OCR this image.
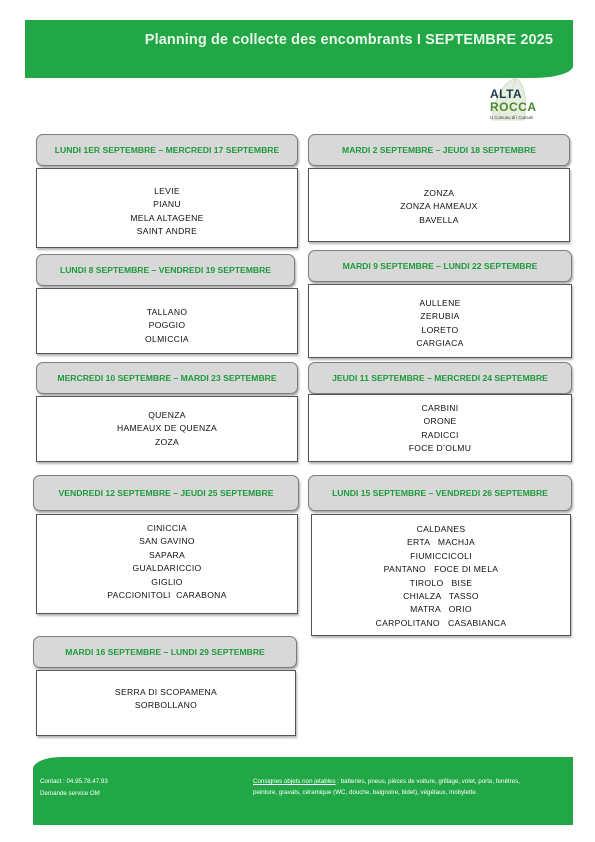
Planning de collecte des encombrants I SEPTEMBRE 2025
ALTA
ROCCA
U Cumunu di i Cumuni
LUNDI 1ER SEPTEMBRE – MERCREDI 17 SEPTEMBRE
LEVIE
PIANU
MELA ALTAGENE
SAINT ANDRE
MARDI 2 SEPTEMBRE – JEUDI 18 SEPTEMBRE
ZONZA
ZONZA HAMEAUX
BAVELLA
LUNDI 8 SEPTEMBRE – VENDREDI 19 SEPTEMBRE
TALLANO
POGGIO
OLMICCIA
MARDI 9 SEPTEMBRE – LUNDI 22 SEPTEMBRE
AULLENE
ZERUBIA
LORETO
CARGIACA
MERCREDI 10 SEPTEMBRE – MARDI 23 SEPTEMBRE
QUENZA
HAMEAUX DE QUENZA
ZOZA
JEUDI 11 SEPTEMBRE – MERCREDI 24 SEPTEMBRE
CARBINI
ORONE
RADICCI
FOCE D’OLMU
VENDREDI 12 SEPTEMBRE – JEUDI 25 SEPTEMBRE
CINICCIA
SAN GAVINO
SAPARA
GUALDARICCIO
GIGLIO
PACCIONITOLI  CARABONA
LUNDI 15 SEPTEMBRE – VENDREDI 26 SEPTEMBRE
CALDANES
ERTA   MACHJA
FIUMICCICOLI
PANTANO   FOCE DI MELA
TIROLO   BISE
CHIALZA   TASSO
MATRA   ORIO
CARPOLITANO   CASABIANCA
MARDI 16 SEPTEMBRE – LUNDI 29 SEPTEMBRE
SERRA DI SCOPAMENA
SORBOLLANO
Contact : 04.95.78.47.93
Demande service OM
Consignes objets non jetables : batteries, pneus, pièces de voiture, grillage, volet, porte, fenêtres, peinture, gravats, céramique (WC, douche, baignoire, bidet), végétaux, mobylette.
